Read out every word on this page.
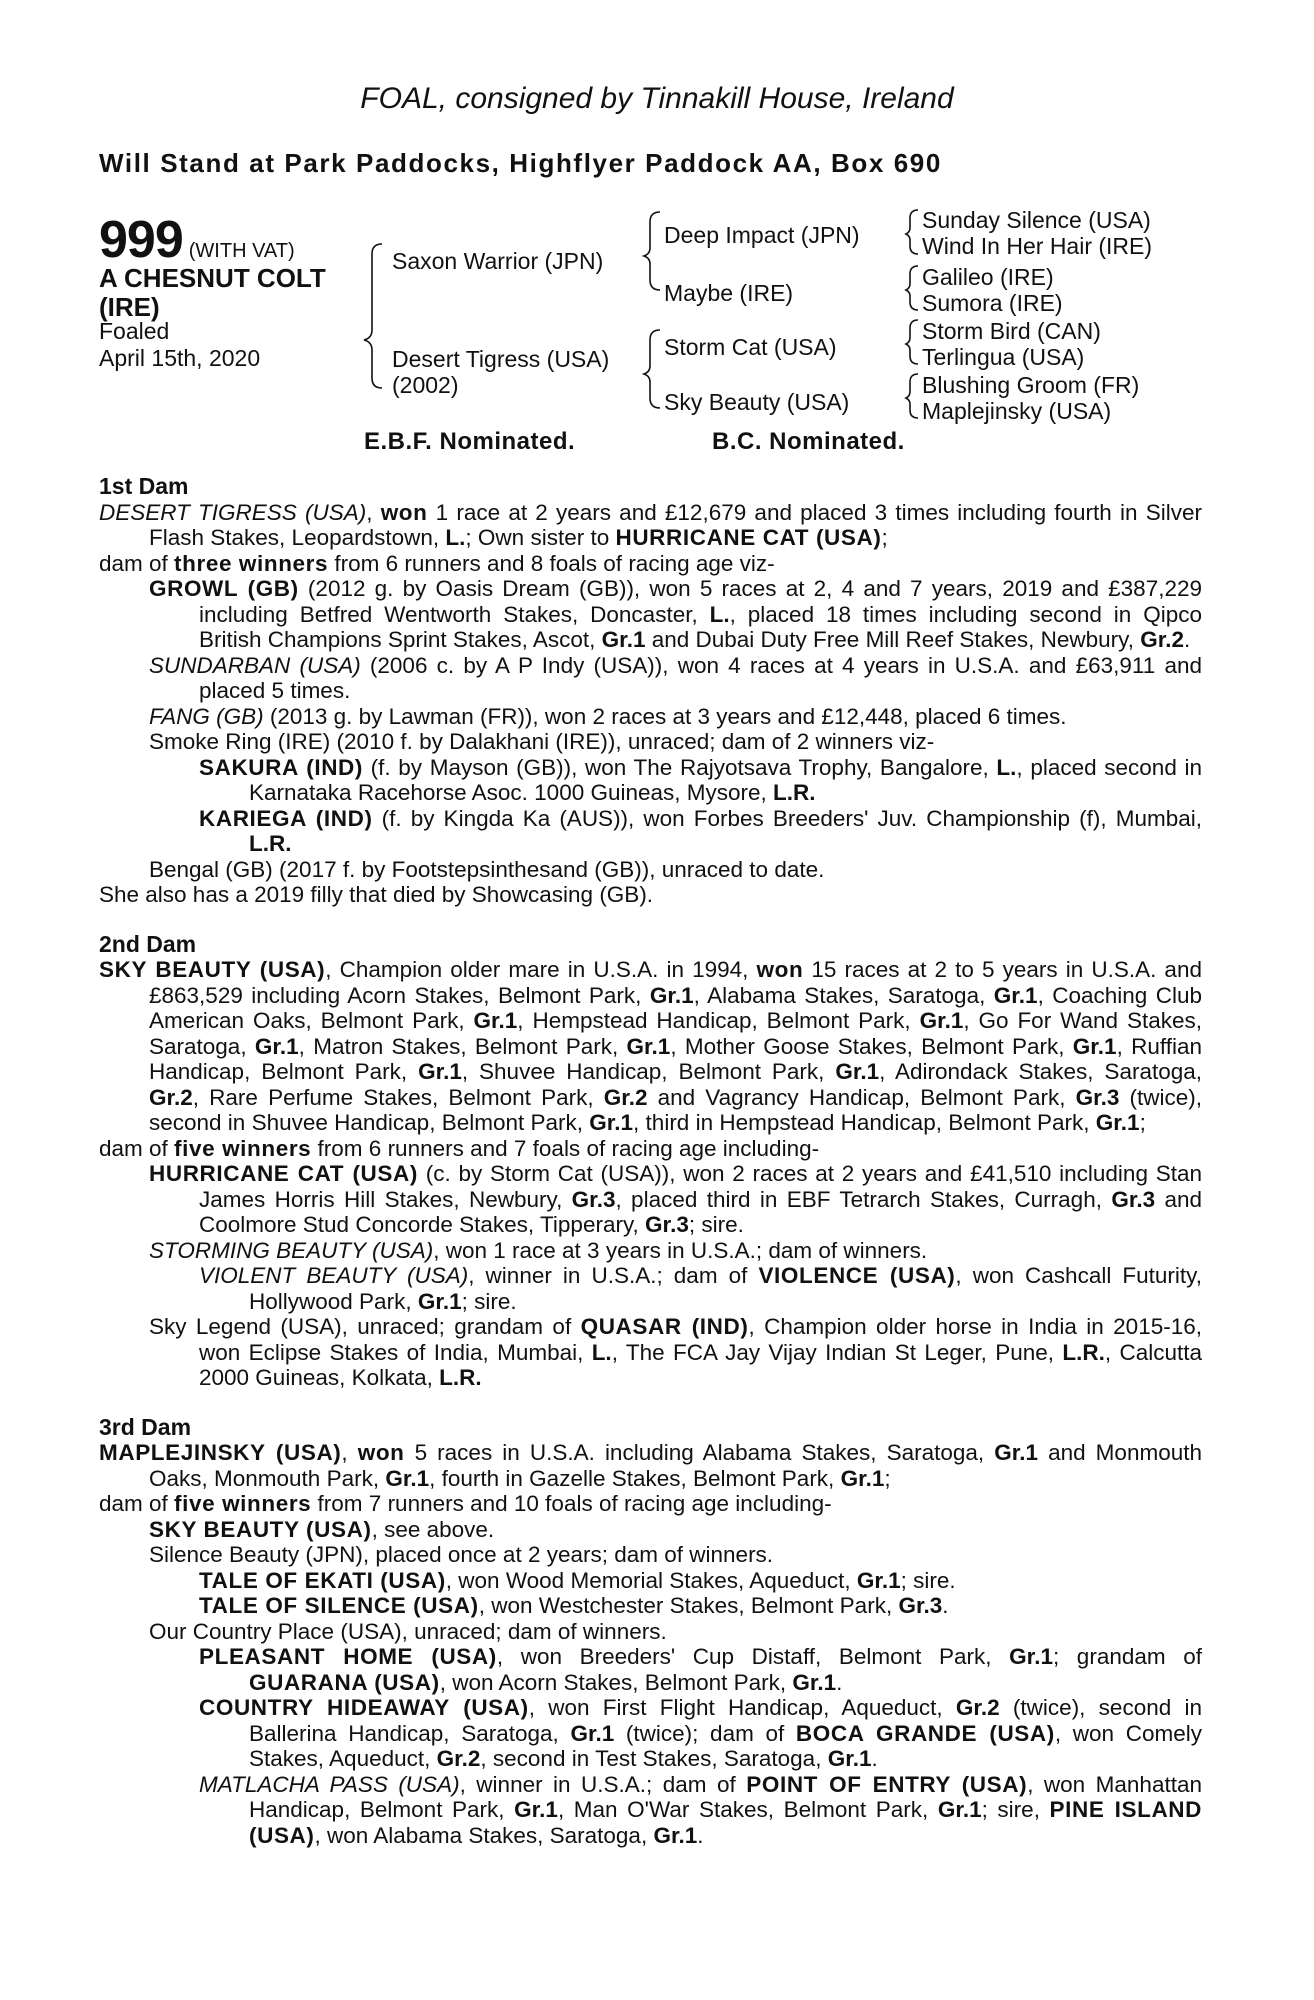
FOAL, consigned by Tinnakill House, Ireland
Will Stand at Park Paddocks, Highflyer Paddock AA, Box 690
999 (WITH VAT)
A CHESNUT COLT (IRE)
Foaled
April 15th, 2020
Saxon Warrior (JPN)
Desert Tigress (USA)
(2002)
Deep Impact (JPN)
Maybe (IRE)
Storm Cat (USA)
Sky Beauty (USA)
Sunday Silence (USA)
Wind In Her Hair (IRE)
Galileo (IRE)
Sumora (IRE)
Storm Bird (CAN)
Terlingua (USA)
Blushing Groom (FR)
Maplejinsky (USA)
E.B.F. Nominated.	B.C. Nominated.
1st Dam
DESERT TIGRESS (USA), won 1 race at 2 years and £12,679 and placed 3 times including fourth in Silver Flash Stakes, Leopardstown, L.; Own sister to HURRICANE CAT (USA);
dam of three winners from 6 runners and 8 foals of racing age viz-
GROWL (GB) (2012 g. by Oasis Dream (GB)), won 5 races at 2, 4 and 7 years, 2019 and £387,229 including Betfred Wentworth Stakes, Doncaster, L., placed 18 times including second in Qipco British Champions Sprint Stakes, Ascot, Gr.1 and Dubai Duty Free Mill Reef Stakes, Newbury, Gr.2.
SUNDARBAN (USA) (2006 c. by A P Indy (USA)), won 4 races at 4 years in U.S.A. and £63,911 and placed 5 times.
FANG (GB) (2013 g. by Lawman (FR)), won 2 races at 3 years and £12,448, placed 6 times.
Smoke Ring (IRE) (2010 f. by Dalakhani (IRE)), unraced; dam of 2 winners viz-
SAKURA (IND) (f. by Mayson (GB)), won The Rajyotsava Trophy, Bangalore, L., placed second in Karnataka Racehorse Asoc. 1000 Guineas, Mysore, L.R.
KARIEGA (IND) (f. by Kingda Ka (AUS)), won Forbes Breeders' Juv. Championship (f), Mumbai, L.R.
Bengal (GB) (2017 f. by Footstepsinthesand (GB)), unraced to date.
She also has a 2019 filly that died by Showcasing (GB).
2nd Dam
SKY BEAUTY (USA), Champion older mare in U.S.A. in 1994, won 15 races at 2 to 5 years in U.S.A. and £863,529 including Acorn Stakes, Belmont Park, Gr.1, Alabama Stakes, Saratoga, Gr.1, Coaching Club American Oaks, Belmont Park, Gr.1, Hempstead Handicap, Belmont Park, Gr.1, Go For Wand Stakes, Saratoga, Gr.1, Matron Stakes, Belmont Park, Gr.1, Mother Goose Stakes, Belmont Park, Gr.1, Ruffian Handicap, Belmont Park, Gr.1, Shuvee Handicap, Belmont Park, Gr.1, Adirondack Stakes, Saratoga, Gr.2, Rare Perfume Stakes, Belmont Park, Gr.2 and Vagrancy Handicap, Belmont Park, Gr.3 (twice), second in Shuvee Handicap, Belmont Park, Gr.1, third in Hempstead Handicap, Belmont Park, Gr.1;
dam of five winners from 6 runners and 7 foals of racing age including-
HURRICANE CAT (USA) (c. by Storm Cat (USA)), won 2 races at 2 years and £41,510 including Stan James Horris Hill Stakes, Newbury, Gr.3, placed third in EBF Tetrarch Stakes, Curragh, Gr.3 and Coolmore Stud Concorde Stakes, Tipperary, Gr.3; sire.
STORMING BEAUTY (USA), won 1 race at 3 years in U.S.A.; dam of winners.
VIOLENT BEAUTY (USA), winner in U.S.A.; dam of VIOLENCE (USA), won Cashcall Futurity, Hollywood Park, Gr.1; sire.
Sky Legend (USA), unraced; grandam of QUASAR (IND), Champion older horse in India in 2015-16, won Eclipse Stakes of India, Mumbai, L., The FCA Jay Vijay Indian St Leger, Pune, L.R., Calcutta 2000 Guineas, Kolkata, L.R.
3rd Dam
MAPLEJINSKY (USA), won 5 races in U.S.A. including Alabama Stakes, Saratoga, Gr.1 and Monmouth Oaks, Monmouth Park, Gr.1, fourth in Gazelle Stakes, Belmont Park, Gr.1;
dam of five winners from 7 runners and 10 foals of racing age including-
SKY BEAUTY (USA), see above.
Silence Beauty (JPN), placed once at 2 years; dam of winners.
TALE OF EKATI (USA), won Wood Memorial Stakes, Aqueduct, Gr.1; sire.
TALE OF SILENCE (USA), won Westchester Stakes, Belmont Park, Gr.3.
Our Country Place (USA), unraced; dam of winners.
PLEASANT HOME (USA), won Breeders' Cup Distaff, Belmont Park, Gr.1; grandam of GUARANA (USA), won Acorn Stakes, Belmont Park, Gr.1.
COUNTRY HIDEAWAY (USA), won First Flight Handicap, Aqueduct, Gr.2 (twice), second in Ballerina Handicap, Saratoga, Gr.1 (twice); dam of BOCA GRANDE (USA), won Comely Stakes, Aqueduct, Gr.2, second in Test Stakes, Saratoga, Gr.1.
MATLACHA PASS (USA), winner in U.S.A.; dam of POINT OF ENTRY (USA), won Manhattan Handicap, Belmont Park, Gr.1, Man O'War Stakes, Belmont Park, Gr.1; sire, PINE ISLAND (USA), won Alabama Stakes, Saratoga, Gr.1.
